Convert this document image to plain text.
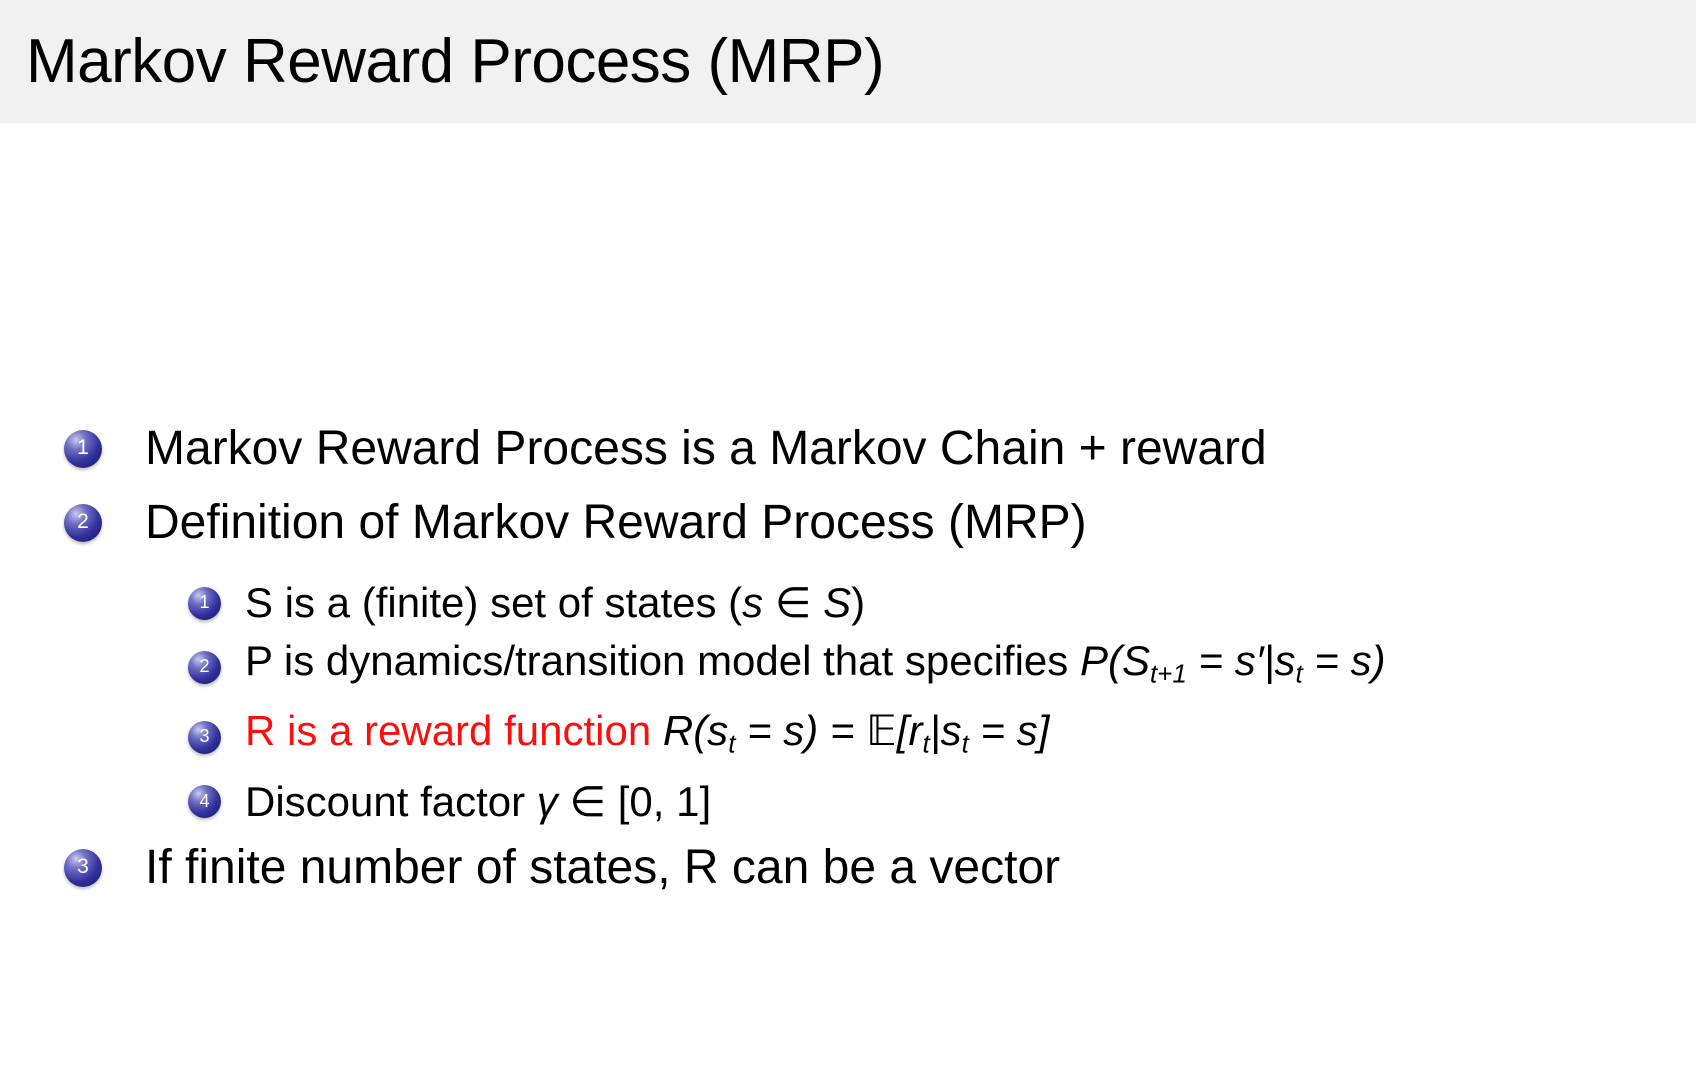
Markov Reward Process (MRP)
1 Markov Reward Process is a Markov Chain + reward
2 Definition of Markov Reward Process (MRP)
1 S is a (finite) set of states (s ∈ S)
2 P is dynamics/transition model that specifies P(St+1 = s′|st = s)
3 R is a reward function R(st = s) = 𝔼[rt|st = s]
4 Discount factor γ ∈ [0, 1]
3 If finite number of states, R can be a vector
